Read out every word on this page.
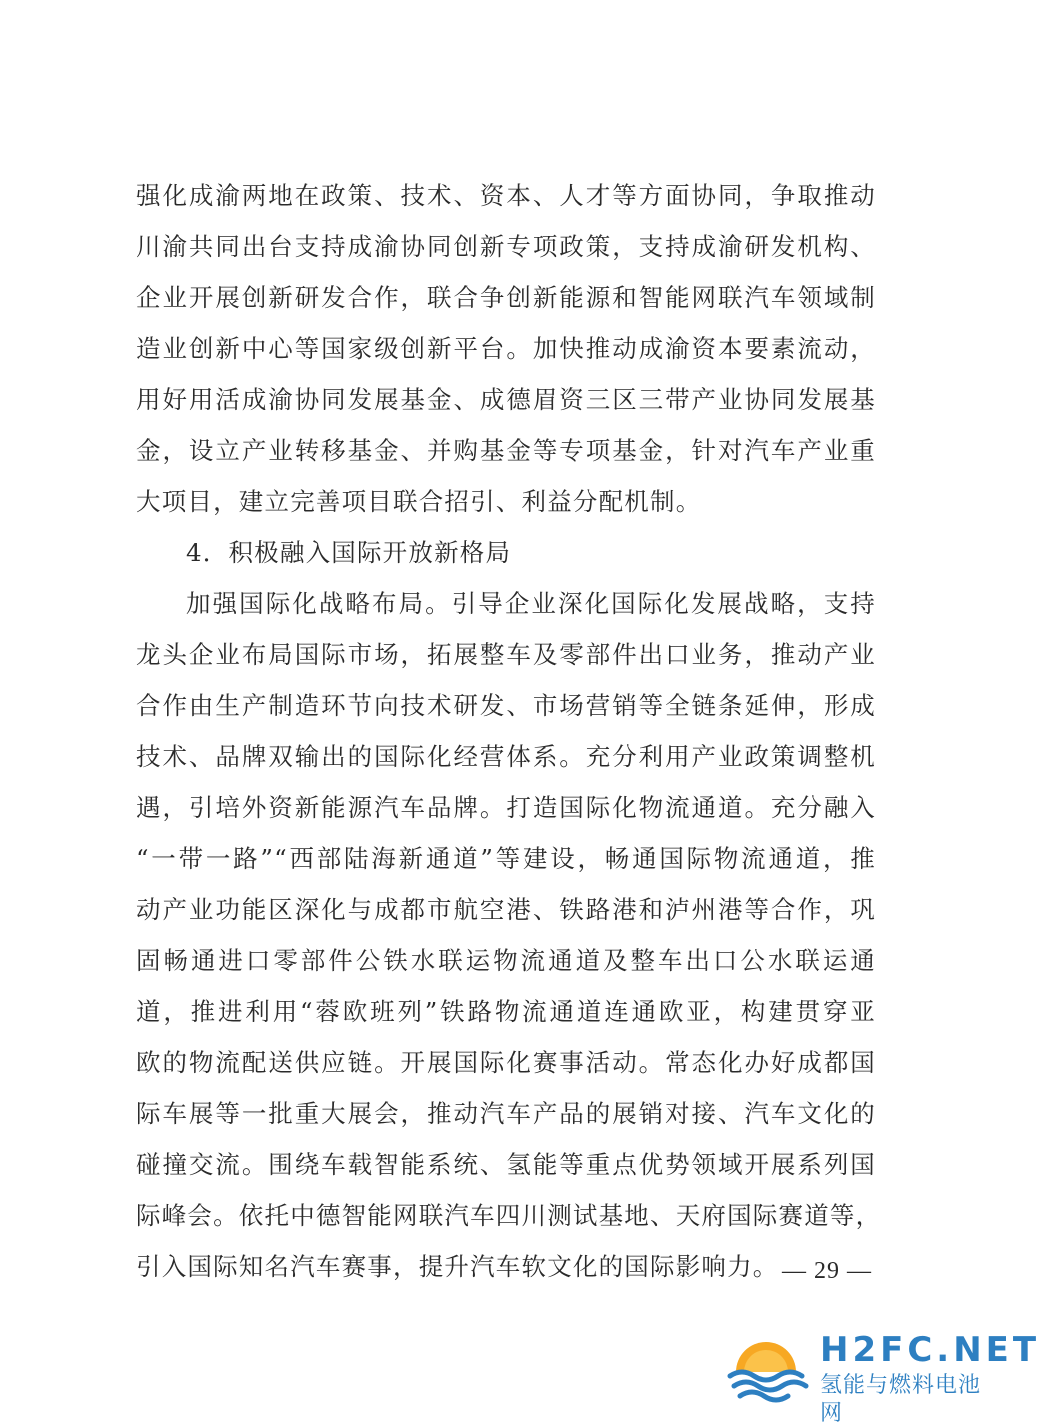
强化成渝两地在政策、技术、资本、人才等方面协同，争取推动
川渝共同出台支持成渝协同创新专项政策，支持成渝研发机构、
企业开展创新研发合作，联合争创新能源和智能网联汽车领域制
造业创新中心等国家级创新平台。加快推动成渝资本要素流动，
用好用活成渝协同发展基金、成德眉资三区三带产业协同发展基
金，设立产业转移基金、并购基金等专项基金，针对汽车产业重
大项目，建立完善项目联合招引、利益分配机制。
4．积极融入国际开放新格局
加强国际化战略布局。引导企业深化国际化发展战略，支持
龙头企业布局国际市场，拓展整车及零部件出口业务，推动产业
合作由生产制造环节向技术研发、市场营销等全链条延伸，形成
技术、品牌双输出的国际化经营体系。充分利用产业政策调整机
遇，引培外资新能源汽车品牌。打造国际化物流通道。充分融入
“一带一路”“西部陆海新通道”等建设，畅通国际物流通道，推
动产业功能区深化与成都市航空港、铁路港和泸州港等合作，巩
固畅通进口零部件公铁水联运物流通道及整车出口公水联运通
道，推进利用“蓉欧班列”铁路物流通道连通欧亚，构建贯穿亚
欧的物流配送供应链。开展国际化赛事活动。常态化办好成都国
际车展等一批重大展会，推动汽车产品的展销对接、汽车文化的
碰撞交流。围绕车载智能系统、氢能等重点优势领域开展系列国
际峰会。依托中德智能网联汽车四川测试基地、天府国际赛道等，
引入国际知名汽车赛事，提升汽车软文化的国际影响力。 — 29 —
H2FC.NET
氢能与燃料电池网
